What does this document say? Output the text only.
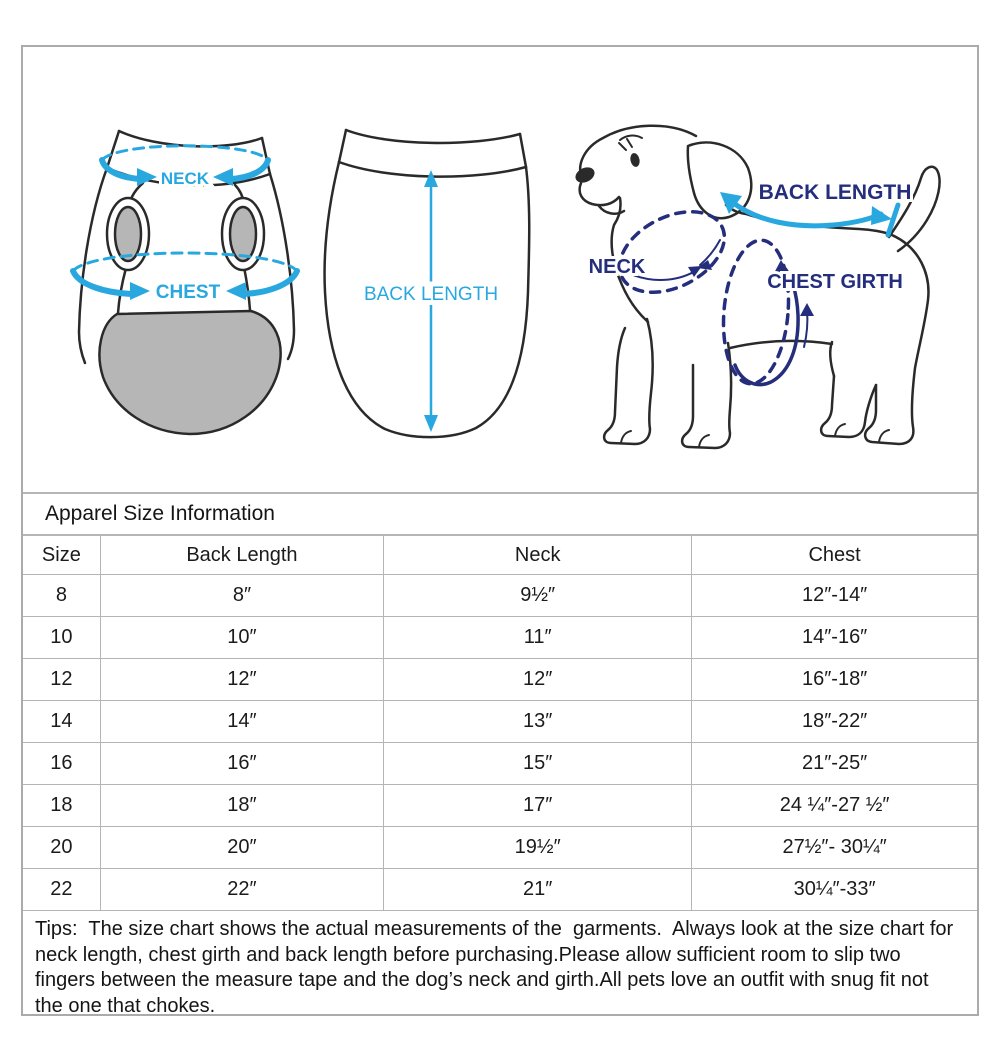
NECK
CHEST	BACK LENGTH
BACK LENGTH
NECK
CHEST GIRTH
Apparel Size Information
Size	Back Length	Neck	Chest
8	8″	9½″	12″-14″
10	10″	11″	14″-16″
12	12″	12″	16″-18″
14	14″	13″	18″-22″
16	16″	15″	21″-25″
18	18″	17″	24 ¼″-27 ½″
20	20″	19½″	27½″- 30¼″
22	22″	21″	30¼″-33″
Tips:  The size chart shows the actual measurements of the  garments.  Always look at the size chart for neck length, chest girth and back length before purchasing.Please allow sufficient room to slip two fingers between the measure tape and the dog’s neck and girth.All pets love an outfit with snug fit not the one that chokes.
